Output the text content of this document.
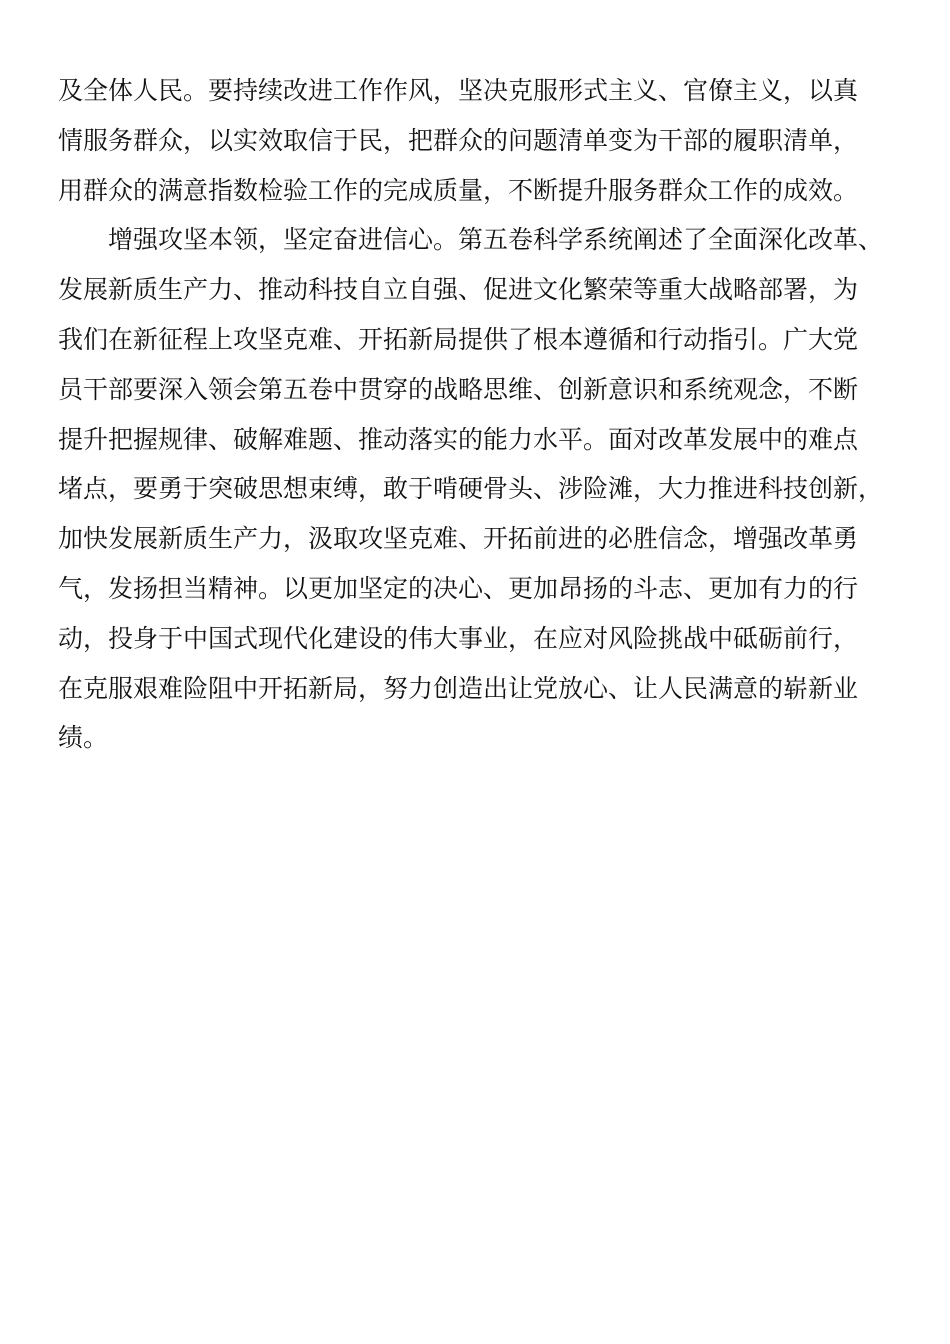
及全体人民。要持续改进工作作风，坚决克服形式主义、官僚主义，以真
情服务群众，以实效取信于民，把群众的问题清单变为干部的履职清单，
用群众的满意指数检验工作的完成质量，不断提升服务群众工作的成效。
增强攻坚本领，坚定奋进信心。第五卷科学系统阐述了全面深化改革、
发展新质生产力、推动科技自立自强、促进文化繁荣等重大战略部署，为
我们在新征程上攻坚克难、开拓新局提供了根本遵循和行动指引。广大党
员干部要深入领会第五卷中贯穿的战略思维、创新意识和系统观念，不断
提升把握规律、破解难题、推动落实的能力水平。面对改革发展中的难点
堵点，要勇于突破思想束缚，敢于啃硬骨头、涉险滩，大力推进科技创新，
加快发展新质生产力，汲取攻坚克难、开拓前进的必胜信念，增强改革勇
气，发扬担当精神。以更加坚定的决心、更加昂扬的斗志、更加有力的行
动，投身于中国式现代化建设的伟大事业，在应对风险挑战中砥砺前行，
在克服艰难险阻中开拓新局，努力创造出让党放心、让人民满意的崭新业
绩。
